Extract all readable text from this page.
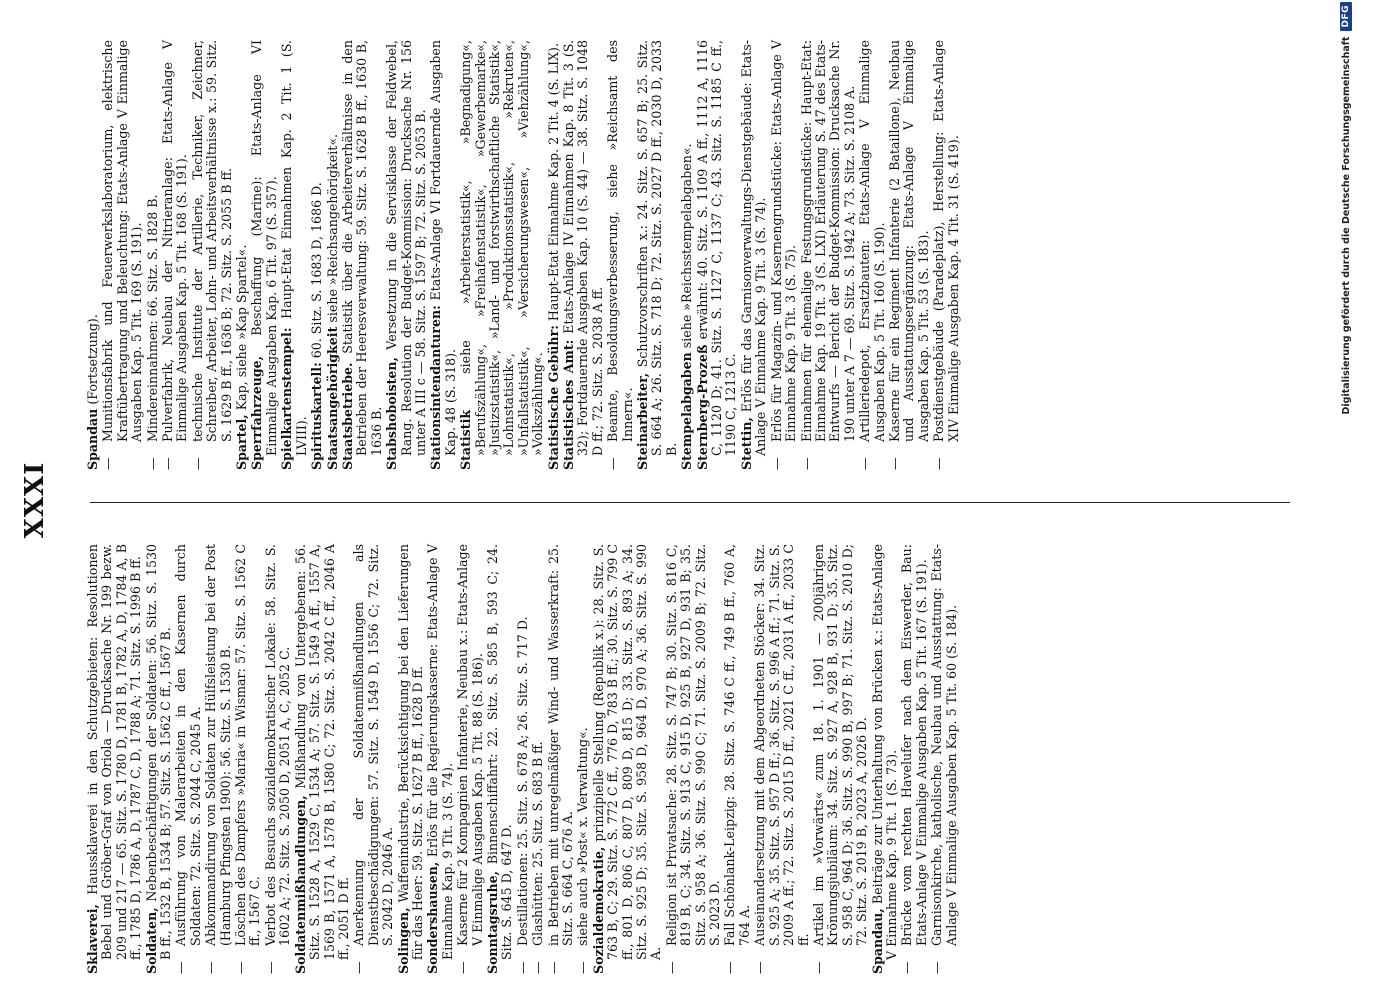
XXXI
Sklaverei, Haussklaverei in den Schutzgebieten: Resolutionen Bebel und Gröber-Graf von Oriola — Drucksache Nr. 199 bezw. 209 und 217 — 65. Sitz. S. 1780 D, 1781 B, 1782 A, D, 1784 A, B ff., 1785 D, 1786 A, D, 1787 C, D, 1788 A; 71. Sitz. S. 1996 B ff. Soldaten, Nebenbeschäftigungen der Soldaten: 56. Sitz. S. 1530 B ff., 1532 B, 1534 B; 57. Sitz. S. 1562 C ff., 1567 B.
—Ausführung von Malerarbeiten in den Kasernen durch Soldaten: 72. Sitz. S. 2044 C, 2045 A.
—Abkommandirung von Soldaten zur Hülfsleistung bei der Post (Hamburg Pfingsten 1900): 56. Sitz. S. 1530 B.
—Löschen des Dampfers »Maria« in Wismar: 57. Sitz. S. 1562 C ff., 1567 C.
—Verbot des Besuchs sozialdemokratischer Lokale: 58. Sitz. S. 1602 A; 72. Sitz. S. 2050 D, 2051 A, C, 2052 C. Soldatenmißhandlungen, Mißhandlung von Untergebenen: 56. Sitz. S. 1528 A, 1529 C, 1534 A; 57. Sitz. S. 1549 A ff., 1557 A, 1569 B, 1571 A, 1578 B, 1580 C; 72. Sitz. S. 2042 C ff., 2046 A ff., 2051 D ff.
—Anerkennung der Soldatenmißhandlungen als Dienstbeschädigungen: 57. Sitz. S. 1549 D, 1556 C; 72. Sitz. S. 2042 D, 2046 A. Solingen, Waffenindustrie, Berücksichtigung bei den Lieferungen für das Heer: 59. Sitz. S. 1627 B ff., 1628 D ff. Sondershausen, Erlös für die Regierungskaserne: Etats-Anlage V Einnahme Kap. 9 Tit. 3 (S. 74).
—Kaserne für 2 Kompagnien Infanterie, Neubau x.: Etats-Anlage V Einmalige Ausgaben Kap. 5 Tit. 88 (S. 186). Sonntagsruhe, Binnenschiffahrt: 22. Sitz. S. 585 B, 593 C; 24. Sitz. S. 645 D, 647 D.
—Destillationen: 25. Sitz. S. 678 A; 26. Sitz. S. 717 D.
—Glashütten: 25. Sitz. S. 683 B ff.
—in Betrieben mit unregelmäßiger Wind- und Wasserkraft: 25. Sitz. S. 664 C, 676 A.
—siehe auch »Post« x. Verwaltung«. Sozialdemokratie, prinzipielle Stellung (Republik x.): 28. Sitz. S. 763 B, C; 29. Sitz. S. 772 C ff., 776 D, 783 B ff.; 30. Sitz. S. 799 C ff., 801 D, 806 C, 807 D, 809 D, 815 D; 33. Sitz. S. 893 A; 34. Sitz. S. 925 D; 35. Sitz. S. 958 D, 964 D, 970 A; 36. Sitz. S. 990 A.
—Religion ist Privatsache: 28. Sitz. S. 747 B; 30. Sitz. S. 816 C, 819 B, C; 34. Sitz. S. 913 C, 915 D, 925 B, 927 D, 931 B; 35. Sitz. S. 958 A; 36. Sitz. S. 990 C; 71. Sitz. S. 2009 B; 72. Sitz. S. 2023 D.
—Fall Schönlank-Leipzig: 28. Sitz. S. 746 C ff., 749 B ff., 760 A, 764 A.
—Auseinandersetzung mit dem Abgeordneten Stöcker: 34. Sitz. S. 925 A; 35. Sitz. S. 957 D ff.; 36. Sitz. S. 996 A ff.; 71. Sitz. S. 2009 A ff.; 72. Sitz. S. 2015 D ff., 2021 C ff., 2031 A ff., 2033 C ff.
—Artikel im »Vorwärts« zum 18. 1. 1901 — 200jährigen Krönungsjubiläum: 34. Sitz. S. 927 A, 928 B, 931 D; 35. Sitz. S. 958 C, 964 D; 36. Sitz. S. 990 B, 997 B; 71. Sitz. S. 2010 D; 72. Sitz. S. 2019 B, 2023 A, 2026 D. Spandau, Beiträge zur Unterhaltung von Brücken x.: Etats-Anlage V Einnahme Kap. 9 Tit. 1 (S. 73).
—Brücke vom rechten Havelufer nach dem Eiswerder, Bau: Etats-Anlage V Einmalige Ausgaben Kap. 5 Tit. 167 (S. 191).
—Garnisonkirche, katholische, Neubau und Ausstattung: Etats-Anlage V Einmalige Ausgaben Kap. 5 Tit. 60 (S. 184).
Spandau (Fortsetzung).
—Munitionsfabrik und Feuerwerkslaboratorium, elektrische Kraftübertragung und Beleuchtung: Etats-Anlage V Einmalige Ausgaben Kap. 5 Tit. 169 (S. 191).
—Mindereinnahmen: 66. Sitz. S. 1828 B.
—Pulverfabrik, Neubau der Nitrieranlage: Etats-Anlage V Einmalige Ausgaben Kap. 5 Tit. 168 (S. 191).
—technische Institute der Artillerie, Techniker, Zeichner, Schreiber, Arbeiter, Lohn- und Arbeitsverhältnisse x.: 59. Sitz. S. 1629 B ff., 1636 B; 72. Sitz. S. 2055 B ff.
Spartel, Kap, siehe »Kap Spartel«.
Sperrfahrzeuge, Beschaffung (Marine): Etats-Anlage VI Einmalige Ausgaben Kap. 6 Tit. 97 (S. 357). Spielkartenstempel: Haupt-Etat Einnahmen Kap. 2 Tit. 1 (S. LVIII). Spirituskartell: 60. Sitz. S. 1683 D, 1686 D.
Staatsangehörigkeit siehe »Reichsangehörigkeit«.
Staatsbetriebe. Statistik über die Arbeiterverhältnisse in den Betrieben der Heeresverwaltung: 59. Sitz. S. 1628 B ff., 1630 B, 1636 B. Stabshoboisten, Versetzung in die Servisklasse der Feldwebel, Rang. Resolution der Budget-Kommission: Drucksache Nr. 156 unter A III c — 58. Sitz. S. 1597 B; 72. Sitz. S. 2053 B. Stationsintendanturen: Etats-Anlage VI Fortdauernde Ausgaben Kap. 48 (S. 318). Statistik siehe »Arbeiterstatistik«, »Begnadigung«, »Berufszählung«, »Freihafenstatistik«, »Gewerbemarke«, »Justizstatistik«, »Land- und forstwirthschaftliche Statistik«, »Lohnstatistik«, »Produktionsstatistik«, »Rekruten«, »Unfallstatistik«, »Versicherungswesen«, »Viehzählung«, »Volkszählung«. Statistische Gebühr: Haupt-Etat Einnahme Kap. 2 Tit. 4 (S. LIX).
Statistisches Amt: Etats-Anlage IV Einnahmen Kap. 8 Tit. 3 (S. 32); Fortdauernde Ausgaben Kap. 10 (S. 44) — 38. Sitz. S. 1048 D ff.; 72. Sitz. S. 2038 A ff.
—Beamte, Besoldungsverbesserung, siehe »Reichsamt des Innern«. Steinarbeiter, Schutzvorschriften x.: 24. Sitz. S. 657 B; 25. Sitz. S. 664 A; 26. Sitz. S. 718 D; 72. Sitz. S. 2027 D ff., 2030 D, 2033 B. Stempelabgaben siehe »Reichsstempelabgaben«.
Sternberg-Prozeß erwähnt: 40. Sitz. S. 1109 A ff., 1112 A, 1116 C, 1120 D; 41. Sitz. S. 1127 C, 1137 C; 43. Sitz. S. 1185 C ff., 1190 C, 1213 C. Stettin, Erlös für das Garnisonverwaltungs-Dienstgebäude: Etats-Anlage V Einnahme Kap. 9 Tit. 3 (S. 74).
—Erlös für Magazin- und Kasernengrundstücke: Etats-Anlage V Einnahme Kap. 9 Tit. 3 (S. 75).
—Einnahmen für ehemalige Festungsgrundstücke: Haupt-Etat: Einnahme Kap. 19 Tit. 3 (S. LXI) Erläuterung S. 47 des Etats-Entwurfs — Bericht der Budget-Kommission: Drucksache Nr. 190 unter A 7 — 69. Sitz. S. 1942 A; 73. Sitz. S. 2108 A.
—Artilleriedepot, Ersatzbauten: Etats-Anlage V Einmalige Ausgaben Kap. 5 Tit. 160 (S. 190).
—Kaserne für ein Regiment Infanterie (2 Bataillone), Neubau und Ausstattungsergänzung: Etats-Anlage V Einmalige Ausgaben Kap. 5 Tit. 53 (S. 183).
—Postdienstgebäude (Paradeplatz), Herstellung: Etats-Anlage XIV Einmalige Ausgaben Kap. 4 Tit. 31 (S. 419).	Digitalisierung gefördert durch die Deutsche Forschungsgemeinschaft
DFG
